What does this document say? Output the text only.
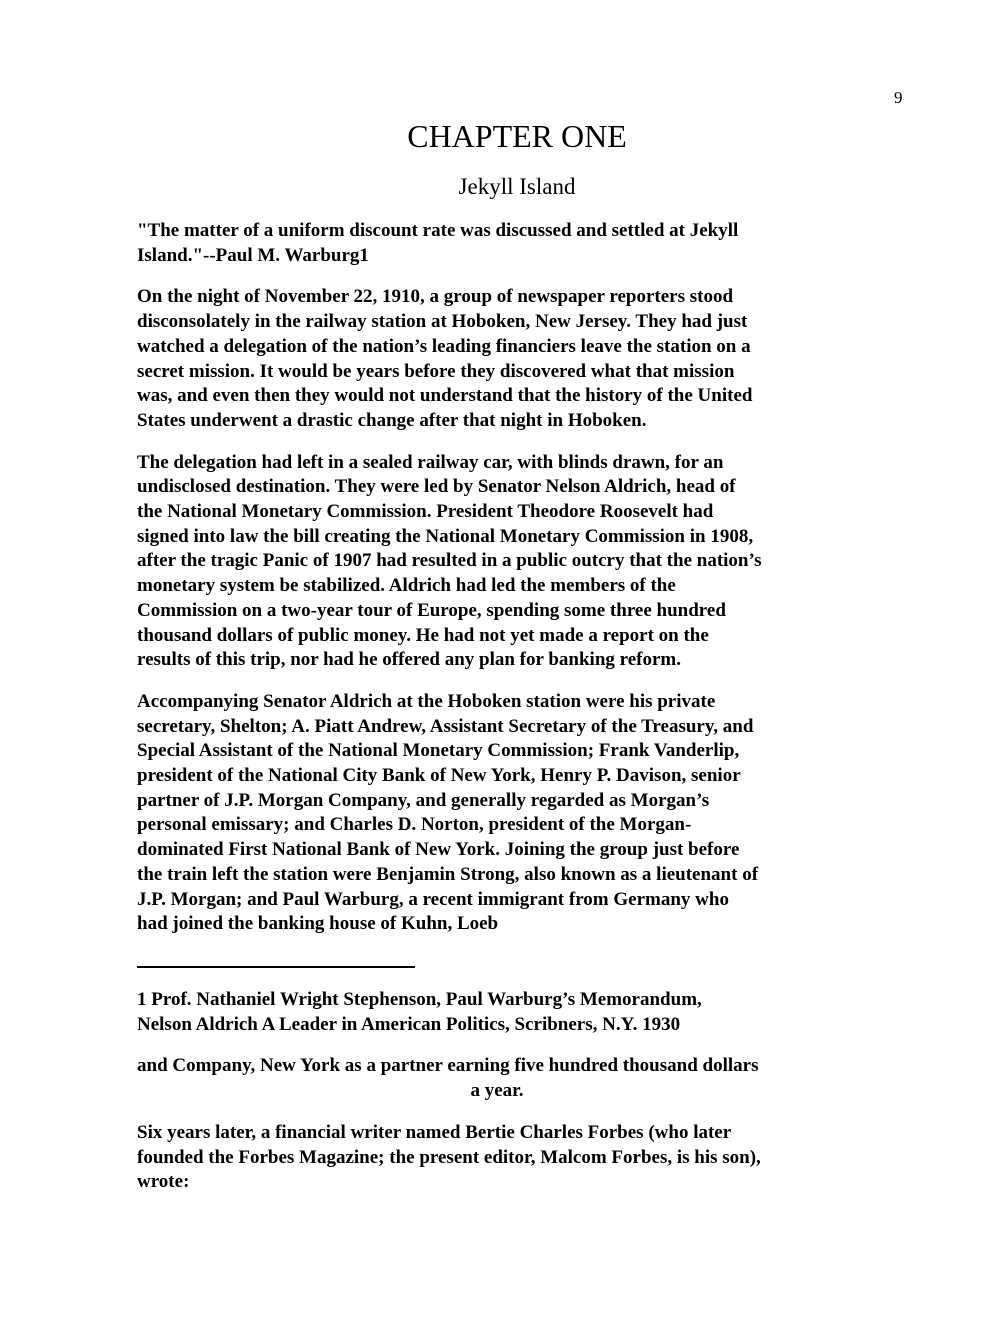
9
CHAPTER ONE
Jekyll Island

"The matter of a uniform discount rate was discussed and settled at Jekyll
Island."--Paul M. Warburg1

On the night of November 22, 1910, a group of newspaper reporters stood
disconsolately in the railway station at Hoboken, New Jersey. They had just
watched a delegation of the nation’s leading financiers leave the station on a
secret mission. It would be years before they discovered what that mission
was, and even then they would not understand that the history of the United
States underwent a drastic change after that night in Hoboken.

The delegation had left in a sealed railway car, with blinds drawn, for an
undisclosed destination. They were led by Senator Nelson Aldrich, head of
the National Monetary Commission. President Theodore Roosevelt had
signed into law the bill creating the National Monetary Commission in 1908,
after the tragic Panic of 1907 had resulted in a public outcry that the nation’s
monetary system be stabilized. Aldrich had led the members of the
Commission on a two-year tour of Europe, spending some three hundred
thousand dollars of public money. He had not yet made a report on the
results of this trip, nor had he offered any plan for banking reform.

Accompanying Senator Aldrich at the Hoboken station were his private
secretary, Shelton; A. Piatt Andrew, Assistant Secretary of the Treasury, and
Special Assistant of the National Monetary Commission; Frank Vanderlip,
president of the National City Bank of New York, Henry P. Davison, senior
partner of J.P. Morgan Company, and generally regarded as Morgan’s
personal emissary; and Charles D. Norton, president of the Morgan-
dominated First National Bank of New York. Joining the group just before
the train left the station were Benjamin Strong, also known as a lieutenant of
J.P. Morgan; and Paul Warburg, a recent immigrant from Germany who
had joined the banking house of Kuhn, Loeb

1 Prof. Nathaniel Wright Stephenson, Paul Warburg’s Memorandum,
Nelson Aldrich A Leader in American Politics, Scribners, N.Y. 1930

and Company, New York as a partner earning five hundred thousand dollars
a year.

Six years later, a financial writer named Bertie Charles Forbes (who later
founded the Forbes Magazine; the present editor, Malcom Forbes, is his son),
wrote:
